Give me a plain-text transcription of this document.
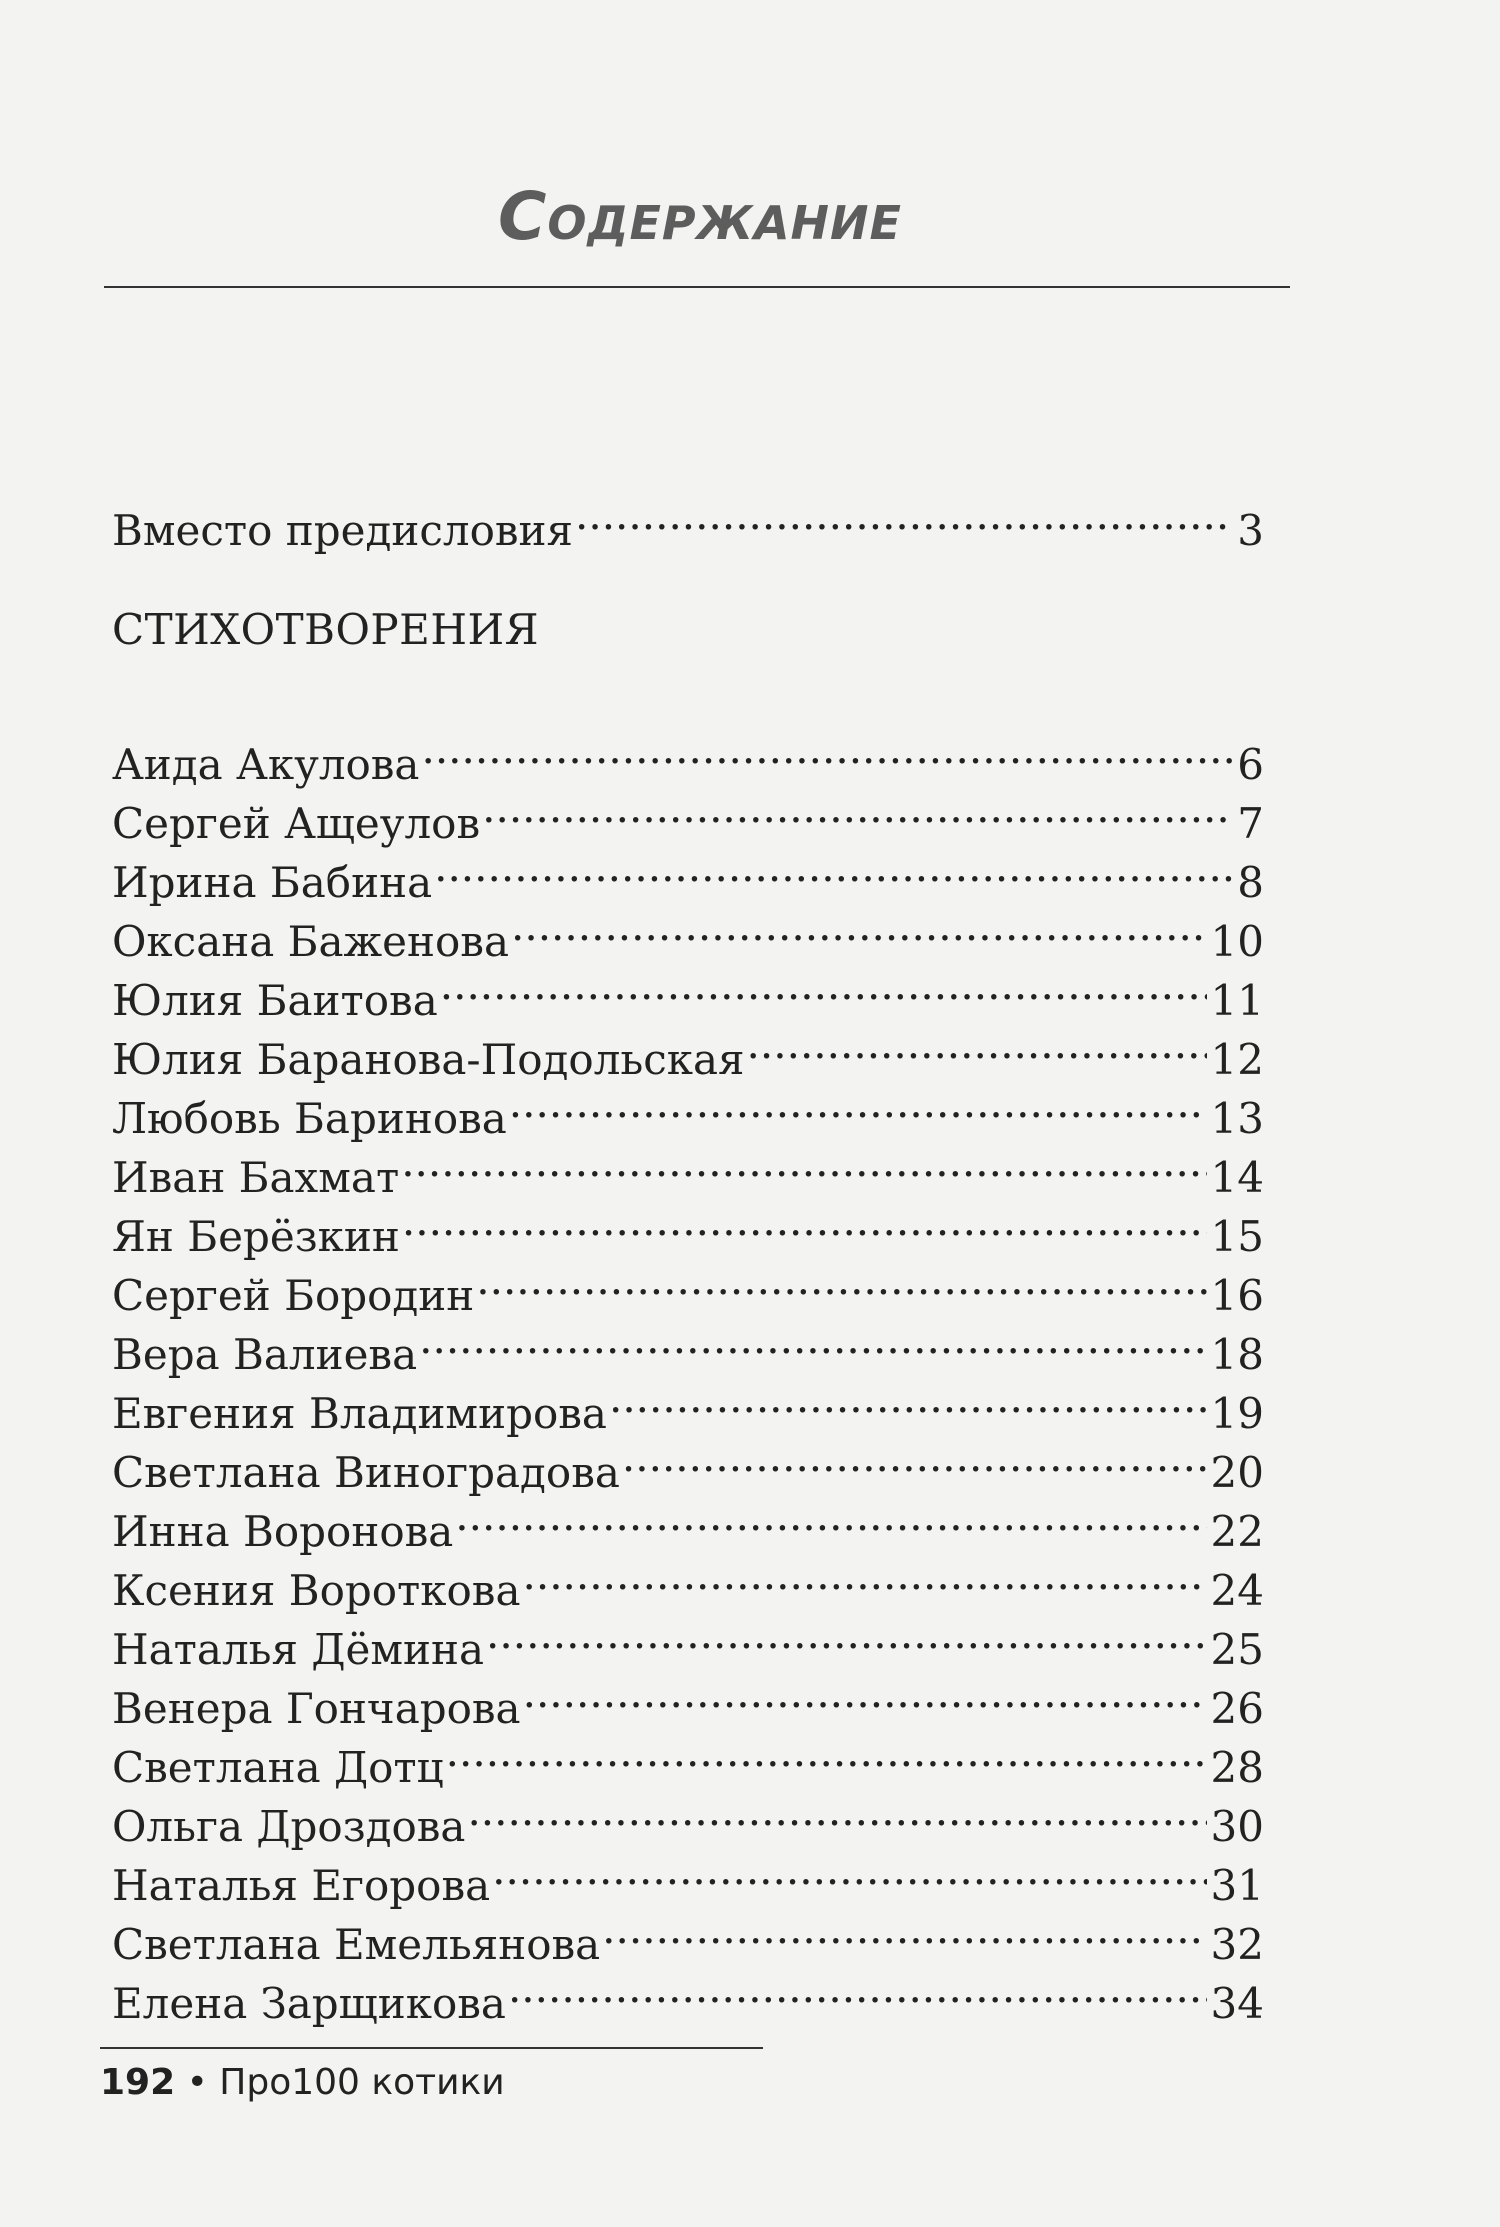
Содержание
Вместо предисловия .....	3
СТИХОТВОРЕНИЯ
Аида Акулова .....	6
Сергей Ащеулов .....	7
Ирина Бабина .....	8
Оксана Баженова .....	10
Юлия Баитова .....	11
Юлия Баранова-Подольская .....	12
Любовь Баринова .....	13
Иван Бахмат .....	14
Ян Берёзкин .....	15
Сергей Бородин .....	16
Вера Валиева .....	18
Евгения Владимирова .....	19
Светлана Виноградова .....	20
Инна Воронова .....	22
Ксения Вороткова .....	24
Наталья Дёмина .....	25
Венера Гончарова .....	26
Светлана Дотц .....	28
Ольга Дроздова .....	30
Наталья Егорова .....	31
Светлана Емельянова .....	32
Елена Зарщикова .....	34
192 • Про100 котики
